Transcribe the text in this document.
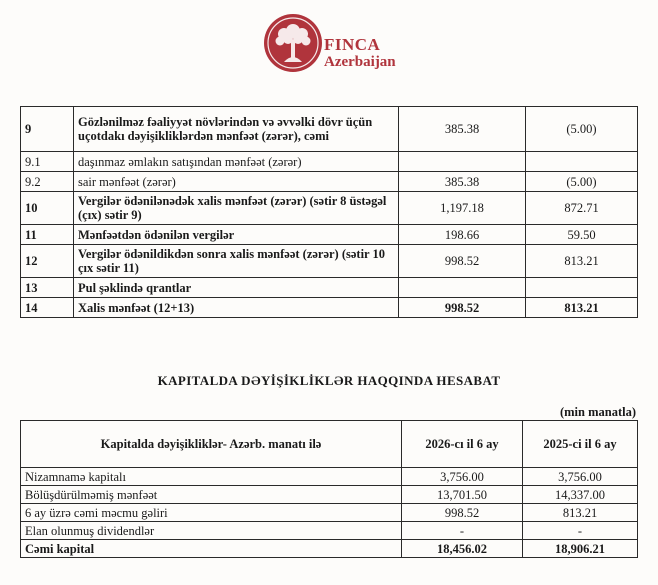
FINCA
Azerbaijan
9	Gözlənilməz fəaliyyət növlərindən və əvvəlki dövr üçün uçotdakı dəyişikliklərdən mənfəət (zərər), cəmi	385.38	(5.00)
9.1	daşınmaz əmlakın satışından mənfəət (zərər)		
9.2	sair mənfəət (zərər)	385.38	(5.00)
10	Vergilər ödənilənədək xalis mənfəət (zərər) (sətir 8 üstəgəl (çıx) sətir 9)	1,197.18	872.71
11	Mənfəətdən ödənilən vergilər	198.66	59.50
12	Vergilər ödənildikdən sonra xalis mənfəət (zərər) (sətir 10 çıx sətir 11)	998.52	813.21
13	Pul şəklində qrantlar		
14	Xalis mənfəət (12+13)	998.52	813.21
KAPITALDA DƏYİŞİKLİKLƏR HAQQINDA HESABAT
(min manatla)
Kapitalda dəyişikliklər- Azərb. manatı ilə	2026-cı il 6 ay	2025-ci il 6 ay
Nizamnamə kapitalı	3,756.00	3,756.00
Bölüşdürülməmiş mənfəət	13,701.50	14,337.00
6 ay üzrə cəmi məcmu gəliri	998.52	813.21
Elan olunmuş dividendlər	-	-
Cəmi kapital	18,456.02	18,906.21
